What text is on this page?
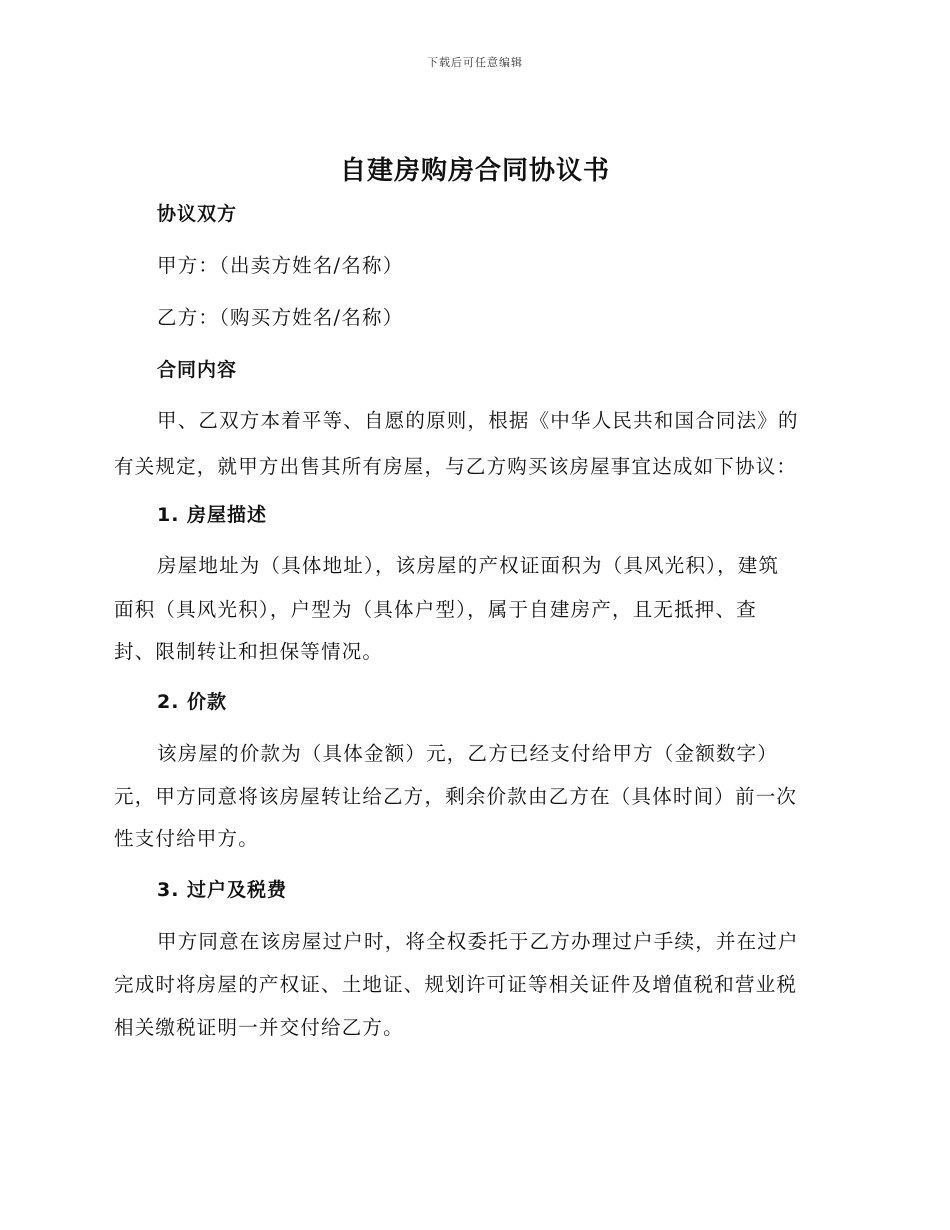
下载后可任意编辑
自建房购房合同协议书
协议双方

甲方：（出卖方姓名/名称）

乙方：（购买方姓名/名称）

合同内容

甲、乙双方本着平等、自愿的原则，根据《中华人民共和国合同法》的

有关规定，就甲方出售其所有房屋，与乙方购买该房屋事宜达成如下协议：

1. 房屋描述

房屋地址为（具体地址），该房屋的产权证面积为（具风光积），建筑

面积（具风光积），户型为（具体户型），属于自建房产，且无抵押、查

封、限制转让和担保等情况。

2. 价款

该房屋的价款为（具体金额）元，乙方已经支付给甲方（金额数字）

元，甲方同意将该房屋转让给乙方，剩余价款由乙方在（具体时间）前一次

性支付给甲方。

3. 过户及税费

甲方同意在该房屋过户时，将全权委托于乙方办理过户手续，并在过户

完成时将房屋的产权证、土地证、规划许可证等相关证件及增值税和营业税

相关缴税证明一并交付给乙方。
